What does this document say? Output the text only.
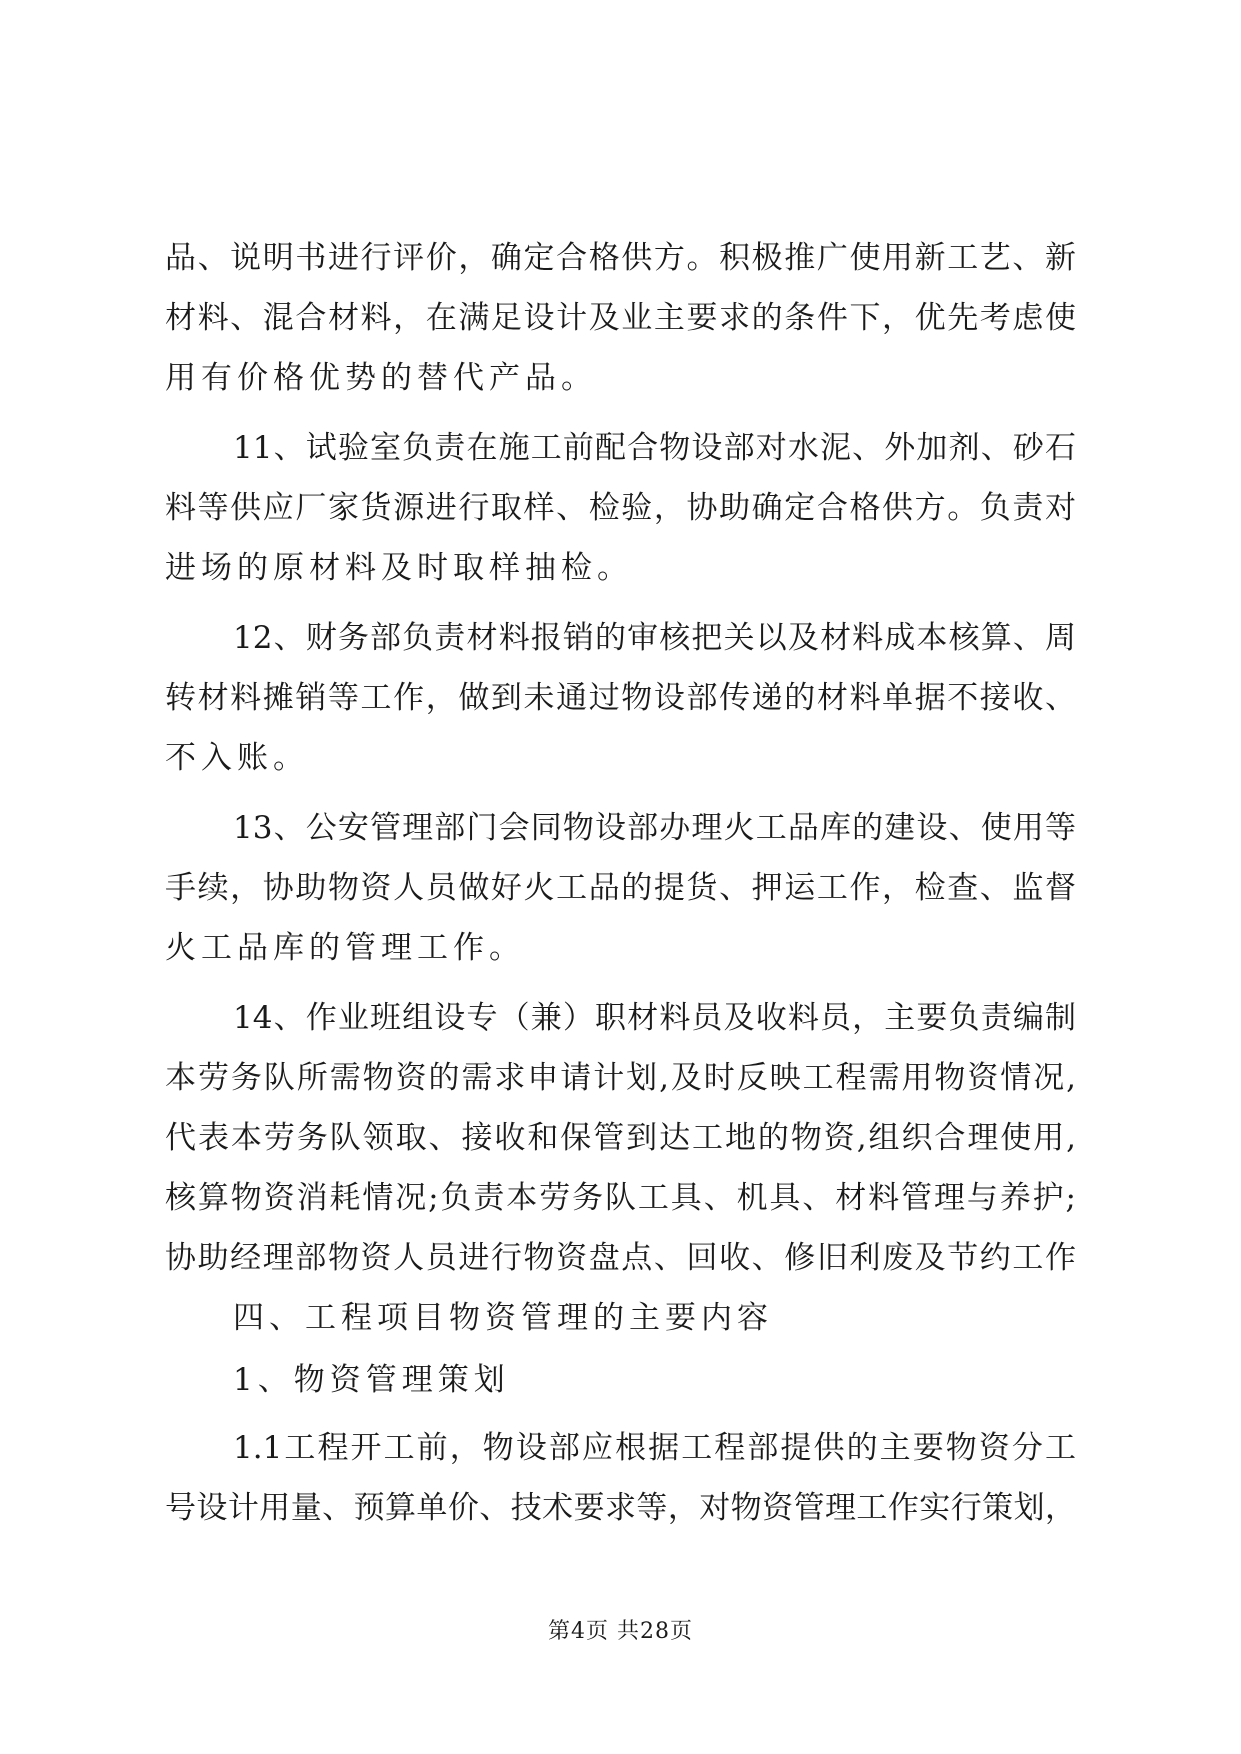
品、说明书进行评价，确定合格供方。积极推广使用新工艺、新
材料、混合材料，在满足设计及业主要求的条件下，优先考虑使
用有价格优势的替代产品。
11、试验室负责在施工前配合物设部对水泥、外加剂、砂石
料等供应厂家货源进行取样、检验，协助确定合格供方。负责对
进场的原材料及时取样抽检。
12、财务部负责材料报销的审核把关以及材料成本核算、周
转材料摊销等工作，做到未通过物设部传递的材料单据不接收、
不入账。
13、公安管理部门会同物设部办理火工品库的建设、使用等
手续，协助物资人员做好火工品的提货、押运工作，检查、监督
火工品库的管理工作。
14、作业班组设专（兼）职材料员及收料员，主要负责编制
本劳务队所需物资的需求申请计划,及时反映工程需用物资情况,
代表本劳务队领取、接收和保管到达工地的物资,组织合理使用,
核算物资消耗情况;负责本劳务队工具、机具、材料管理与养护;
协助经理部物资人员进行物资盘点、回收、修旧利废及节约工作
四、工程项目物资管理的主要内容
1、物资管理策划
1.1工程开工前，物设部应根据工程部提供的主要物资分工
号设计用量、预算单价、技术要求等，对物资管理工作实行策划，
第4页 共28页
